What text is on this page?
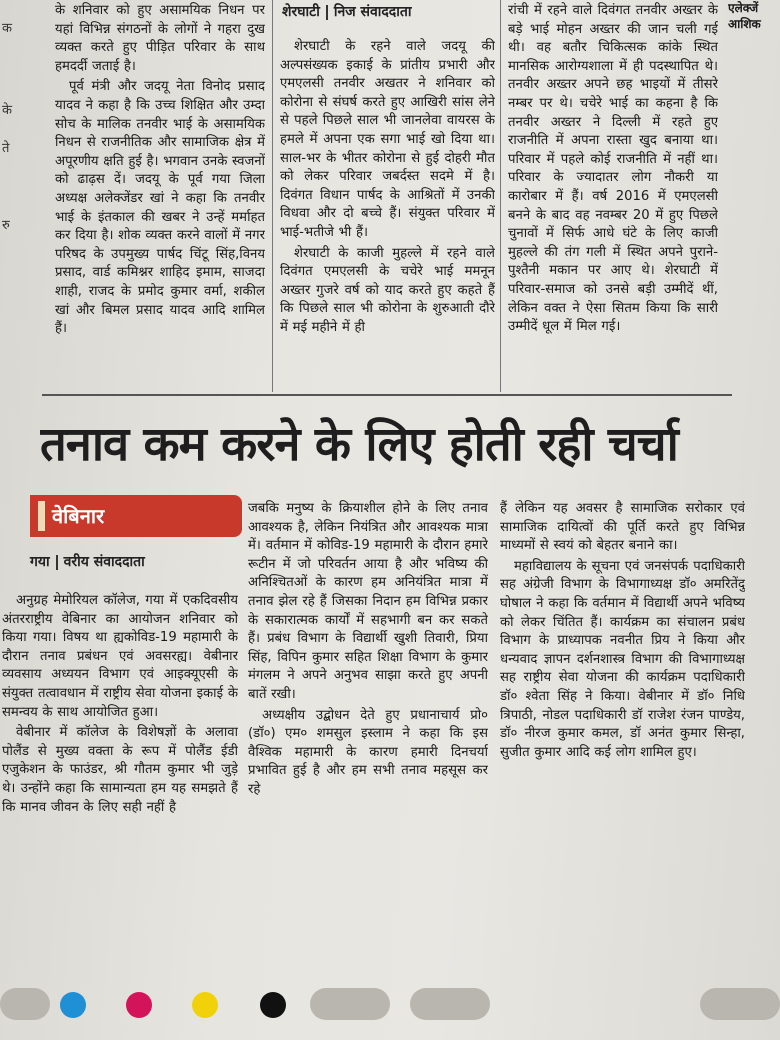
क
के
ते
रु

के शनिवार को हुए असामयिक निधन पर यहां विभिन्न संगठनों के लोगों ने गहरा दुख व्यक्त करते हुए पीड़ित परिवार के साथ हमदर्दी जताई है।

पूर्व मंत्री और जदयू नेता विनोद प्रसाद यादव ने कहा है कि उच्च शिक्षित और उम्दा सोच के मालिक तनवीर भाई के असामयिक निधन से राजनीतिक और सामाजिक क्षेत्र में अपूरणीय क्षति हुई है। भगवान उनके स्वजनों को ढाढ़स दें। जदयू के पूर्व गया जिला अध्यक्ष अलेक्जेंडर खां ने कहा कि तनवीर भाई के इंतकाल की खबर ने उन्हें मर्माहत कर दिया है। शोक व्यक्त करने वालों में नगर परिषद के उपमुख्य पार्षद चिंटू सिंह,विनय प्रसाद, वार्ड कमिश्नर शाहिद इमाम, साजदा शाही, राजद के प्रमोद कुमार वर्मा, शकील खां और बिमल प्रसाद यादव आदि शामिल हैं।

शेरघाटी निज संवाददाता

शेरघाटी के रहने वाले जदयू की अल्पसंख्यक इकाई के प्रांतीय प्रभारी और एमएलसी तनवीर अखतर ने शनिवार को कोरोना से संघर्ष करते हुए आखिरी सांस लेने से पहले पिछले साल भी जानलेवा वायरस के हमले में अपना एक सगा भाई खो दिया था। साल-भर के भीतर कोरोना से हुई दोहरी मौत को लेकर परिवार जबर्दस्त सदमे में है। दिवंगत विधान पार्षद के आश्रितों में उनकी विधवा और दो बच्चे हैं। संयुक्त परिवार में भाई-भतीजे भी हैं।

शेरघाटी के काजी मुहल्ले में रहने वाले दिवंगत एमएलसी के चचेरे भाई ममनून अख्तर गुजरे वर्ष को याद करते हुए कहते हैं कि पिछले साल भी कोरोना के शुरुआती दौरे में मई महीने में ही

रांची में रहने वाले दिवंगत तनवीर अख्तर के बड़े भाई मोहन अख्तर की जान चली गई थी। वह बतौर चिकित्सक कांके स्थित मानसिक आरोग्यशाला में ही पदस्थापित थे। तनवीर अख्तर अपने छह भाइयों में तीसरे नम्बर पर थे। चचेरे भाई का कहना है कि तनवीर अख्तर ने दिल्ली में रहते हुए राजनीति में अपना रास्ता खुद बनाया था। परिवार में पहले कोई राजनीति में नहीं था। परिवार के ज्यादातर लोग नौकरी या कारोबार में हैं। वर्ष 2016 में एमएलसी बनने के बाद वह नवम्बर 20 में हुए पिछले चुनावों में सिर्फ आधे घंटे के लिए काजी मुहल्ले की तंग गली में स्थित अपने पुराने-पुश्तैनी मकान पर आए थे। शेरघाटी में परिवार-समाज को उनसे बड़ी उम्मीदें थीं, लेकिन वक्त ने ऐसा सितम किया कि सारी उम्मीदें धूल में मिल गई।

एलेक्जें आशिक
तनाव कम करने के लिए होती रही चर्चा
वेबिनार
गया वरीय संवाददाता

अनुग्रह मेमोरियल कॉलेज, गया में एकदिवसीय अंतरराष्ट्रीय वेबिनार का आयोजन शनिवार को किया गया। विषय था ह्यकोविड-19 महामारी के दौरान तनाव प्रबंधन एवं अवसरह्य। वेबीनार व्यवसाय अध्ययन विभाग एवं आइक्यूएसी के संयुक्त तत्वावधान में राष्ट्रीय सेवा योजना इकाई के समन्वय के साथ आयोजित हुआ।

वेबीनार में कॉलेज के विशेषज्ञों के अलावा पोलैंड से मुख्य वक्ता के रूप में पोलैंड ईडी एजुकेशन के फाउंडर, श्री गौतम कुमार भी जुड़े थे। उन्होंने कहा कि सामान्यता हम यह समझते हैं कि मानव जीवन के लिए सही नहीं है

जबकि मनुष्य के क्रियाशील होने के लिए तनाव आवश्यक है, लेकिन नियंत्रित और आवश्यक मात्रा में। वर्तमान में कोविड-19 महामारी के दौरान हमारे रूटीन में जो परिवर्तन आया है और भविष्य की अनिश्चितओं के कारण हम अनियंत्रित मात्रा में तनाव झेल रहे हैं जिसका निदान हम विभिन्न प्रकार के सकारात्मक कार्यों में सहभागी बन कर सकते हैं। प्रबंध विभाग के विद्यार्थी खुशी तिवारी, प्रिया सिंह, विपिन कुमार सहित शिक्षा विभाग के कुमार मंगलम ने अपने अनुभव साझा करते हुए अपनी बातें रखी।

अध्यक्षीय उद्बोधन देते हुए प्रधानाचार्य प्रो० (डॉ०) एम० शमसुल इस्लाम ने कहा कि इस वैश्विक महामारी के कारण हमारी दिनचर्या प्रभावित हुई है और हम सभी तनाव महसूस कर रहे

हैं लेकिन यह अवसर है सामाजिक सरोकार एवं सामाजिक दायित्वों की पूर्ति करते हुए विभिन्न माध्यमों से स्वयं को बेहतर बनाने का।

महाविद्यालय के सूचना एवं जनसंपर्क पदाधिकारी सह अंग्रेजी विभाग के विभागाध्यक्ष डॉ० अमरितेंदु घोषाल ने कहा कि वर्तमान में विद्यार्थी अपने भविष्य को लेकर चिंतित हैं। कार्यक्रम का संचालन प्रबंध विभाग के प्राध्यापक नवनीत प्रिय ने किया और धन्यवाद ज्ञापन दर्शनशास्त्र विभाग की विभागाध्यक्ष सह राष्ट्रीय सेवा योजना की कार्यक्रम पदाधिकारी डॉ० श्वेता सिंह ने किया। वेबीनार में डॉ० निधि त्रिपाठी, नोडल पदाधिकारी डॉ राजेश रंजन पाण्डेय, डॉ० नीरज कुमार कमल, डॉ अनंत कुमार सिन्हा, सुजीत कुमार आदि कई लोग शामिल हुए।
